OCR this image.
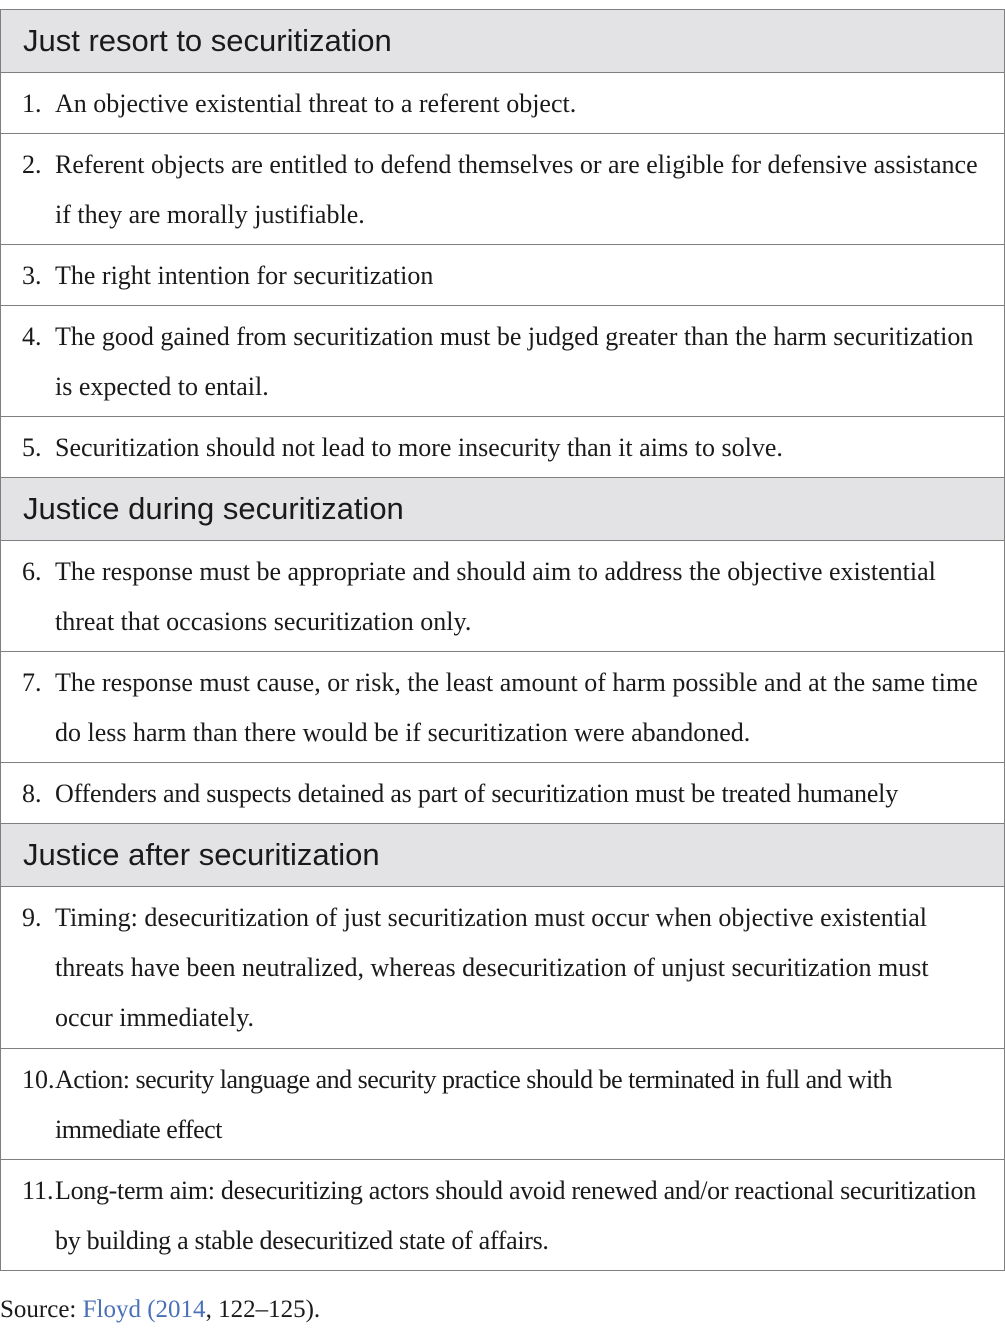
Just resort to securitization
1. An objective existential threat to a referent object.
2. Referent objects are entitled to defend themselves or are eligible for defensive assistance if they are morally justifiable.
3. The right intention for securitization
4. The good gained from securitization must be judged greater than the harm securitization is expected to entail.
5. Securitization should not lead to more insecurity than it aims to solve.
Justice during securitization
6. The response must be appropriate and should aim to address the objective existential threat that occasions securitization only.
7. The response must cause, or risk, the least amount of harm possible and at the same time do less harm than there would be if securitization were abandoned.
8. Offenders and suspects detained as part of securitization must be treated humanely
Justice after securitization
9. Timing: desecuritization of just securitization must occur when objective existential threats have been neutralized, whereas desecuritization of unjust securitization must occur immediately.
10. Action: security language and security practice should be terminated in full and with immediate effect
11. Long-term aim: desecuritizing actors should avoid renewed and/or reactional securitization by building a stable desecuritized state of affairs.
Source: Floyd (2014, 122–125).
